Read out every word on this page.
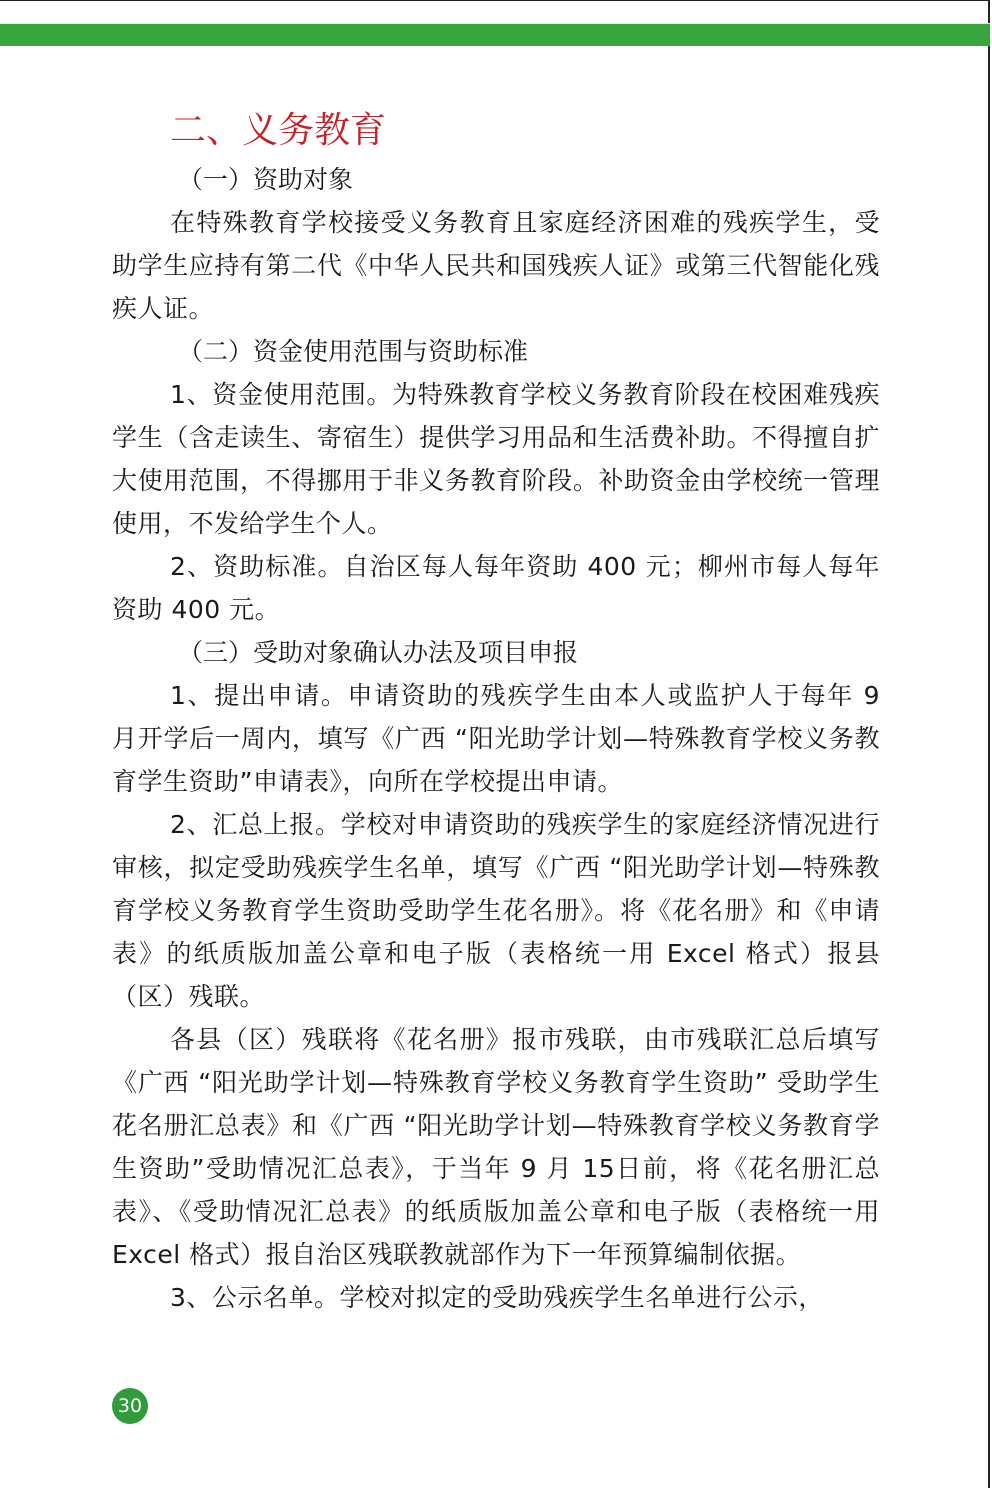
二、义务教育

（一）资助对象

在特殊教育学校接受义务教育且家庭经济困难的残疾学生，受助学生应持有第二代《中华人民共和国残疾人证》或第三代智能化残疾人证。

（二）资金使用范围与资助标准

1、资金使用范围。为特殊教育学校义务教育阶段在校困难残疾学生（含走读生、寄宿生）提供学习用品和生活费补助。不得擅自扩大使用范围，不得挪用于非义务教育阶段。补助资金由学校统一管理使用，不发给学生个人。

2、资助标准。自治区每人每年资助 400 元；柳州市每人每年资助 400 元。

（三）受助对象确认办法及项目申报

1、提出申请。申请资助的残疾学生由本人或监护人于每年 9 月开学后一周内，填写《广西 “阳光助学计划—特殊教育学校义务教育学生资助”申请表》，向所在学校提出申请。

2、汇总上报。学校对申请资助的残疾学生的家庭经济情况进行审核，拟定受助残疾学生名单，填写《广西 “阳光助学计划—特殊教育学校义务教育学生资助受助学生花名册》。将《花名册》和《申请表》的纸质版加盖公章和电子版（表格统一用 Excel 格式）报县（区）残联。

各县（区）残联将《花名册》报市残联，由市残联汇总后填写《广西 “阳光助学计划—特殊教育学校义务教育学生资助” 受助学生花名册汇总表》和《广西 “阳光助学计划—特殊教育学校义务教育学生资助”受助情况汇总表》，于当年 9 月 15日前，将《花名册汇总表》、《受助情况汇总表》的纸质版加盖公章和电子版（表格统一用 Excel 格式）报自治区残联教就部作为下一年预算编制依据。

3、公示名单。学校对拟定的受助残疾学生名单进行公示，

30
